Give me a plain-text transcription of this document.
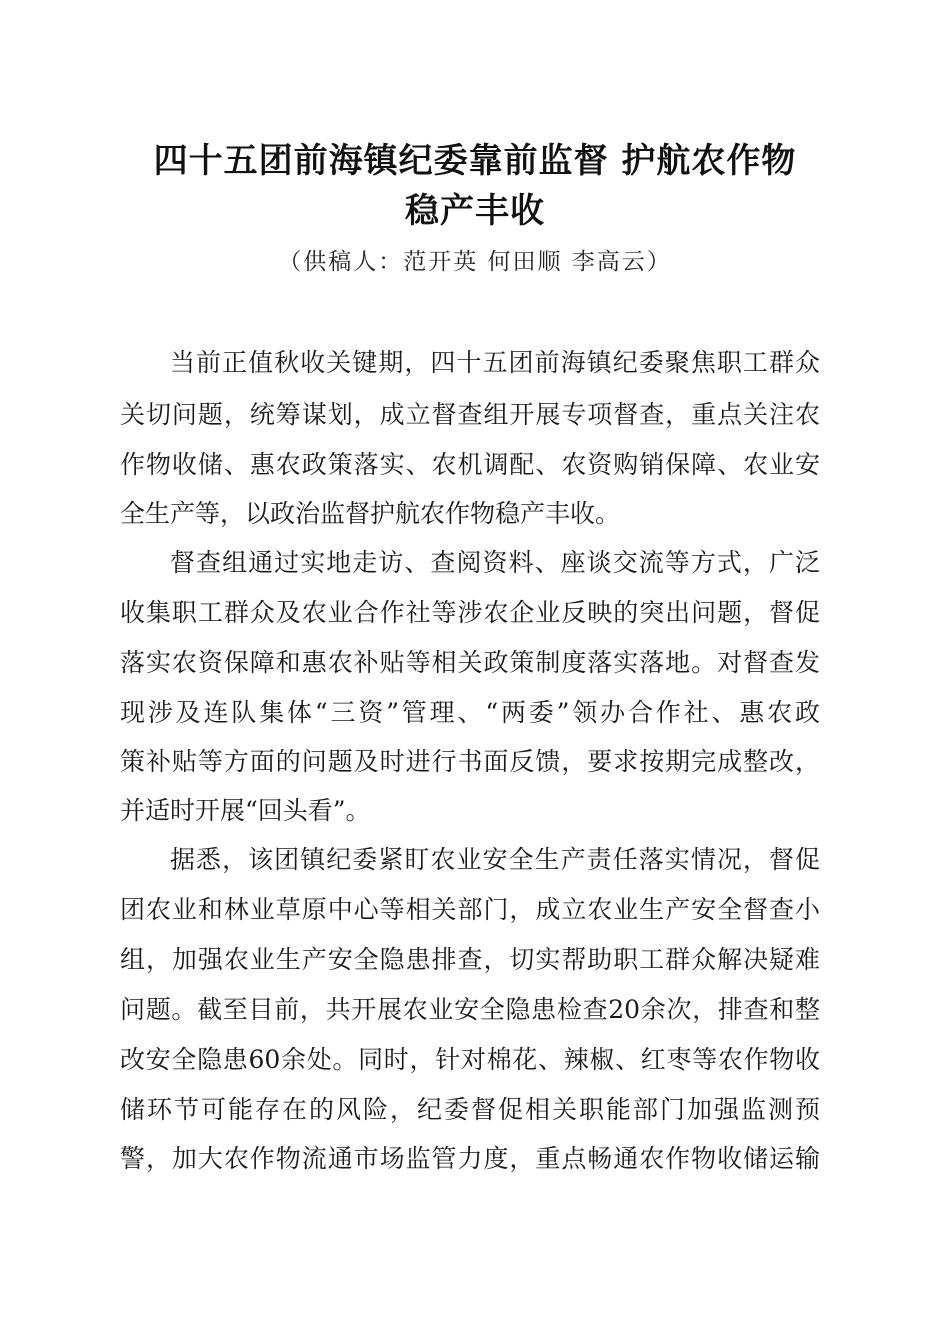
四十五团前海镇纪委靠前监督 护航农作物
稳产丰收
（供稿人：范开英 何田顺 李高云）
当前正值秋收关键期，四十五团前海镇纪委聚焦职工群众
关切问题，统筹谋划，成立督查组开展专项督查，重点关注农
作物收储、惠农政策落实、农机调配、农资购销保障、农业安
全生产等，以政治监督护航农作物稳产丰收。
督查组通过实地走访、查阅资料、座谈交流等方式，广泛
收集职工群众及农业合作社等涉农企业反映的突出问题，督促
落实农资保障和惠农补贴等相关政策制度落实落地。对督查发
现涉及连队集体“三资”管理、“两委”领办合作社、惠农政
策补贴等方面的问题及时进行书面反馈，要求按期完成整改，
并适时开展“回头看”。
据悉，该团镇纪委紧盯农业安全生产责任落实情况，督促
团农业和林业草原中心等相关部门，成立农业生产安全督查小
组，加强农业生产安全隐患排查，切实帮助职工群众解决疑难
问题。截至目前，共开展农业安全隐患检查20余次，排查和整
改安全隐患60余处。同时，针对棉花、辣椒、红枣等农作物收
储环节可能存在的风险，纪委督促相关职能部门加强监测预
警，加大农作物流通市场监管力度，重点畅通农作物收储运输
